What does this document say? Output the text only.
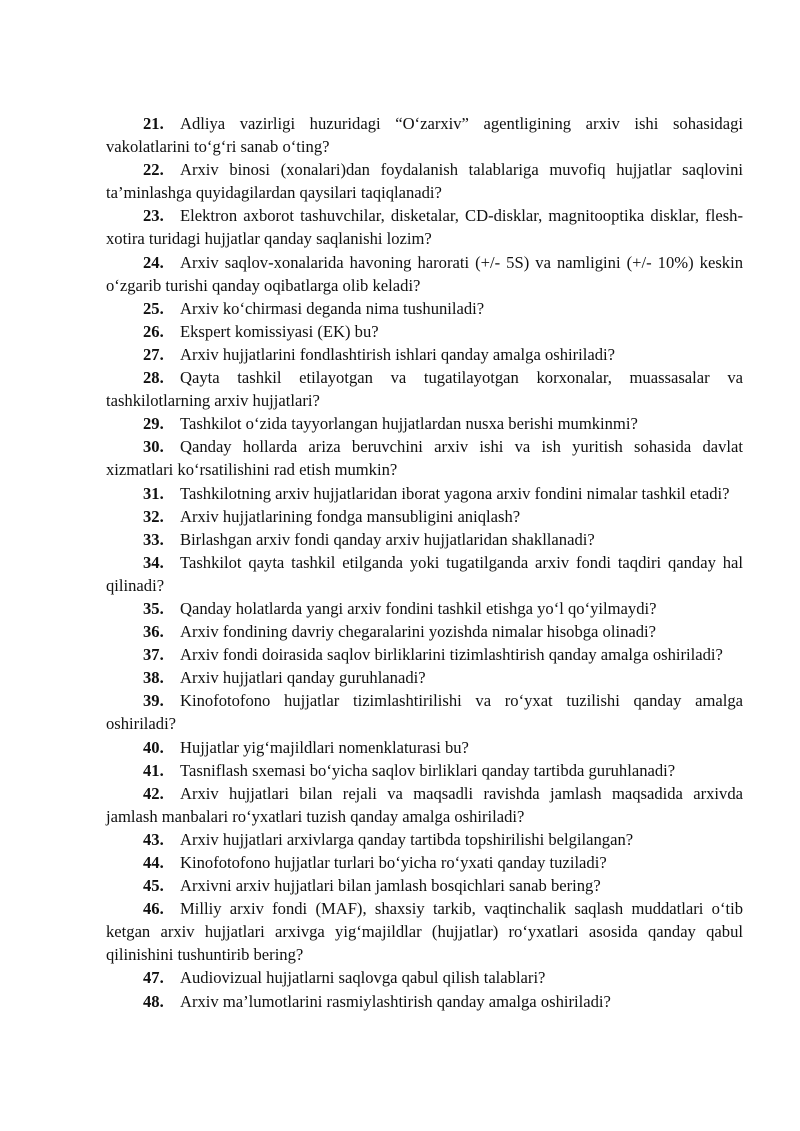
21. Adliya vazirligi huzuridagi “O‘zarxiv” agentligining arxiv ishi sohasidagi vakolatlarini to‘g‘ri sanab o‘ting?

22. Arxiv binosi (xonalari)dan foydalanish talablariga muvofiq hujjatlar saqlovini ta’minlashga quyidagilardan qaysilari taqiqlanadi?

23. Elektron axborot tashuvchilar, disketalar, CD-disklar, magnitooptika disklar, flesh-xotira turidagi hujjatlar qanday saqlanishi lozim?

24. Arxiv saqlov-xonalarida havoning harorati (+/- 5S) va namligini (+/- 10%) keskin o‘zgarib turishi qanday oqibatlarga olib keladi?

25. Arxiv ko‘chirmasi deganda nima tushuniladi?

26. Ekspert komissiyasi (EK) bu?

27. Arxiv hujjatlarini fondlashtirish ishlari qanday amalga oshiriladi?

28. Qayta tashkil etilayotgan va tugatilayotgan korxonalar, muassasalar va tashkilotlarning arxiv hujjatlari?

29. Tashkilot o‘zida tayyorlangan hujjatlardan nusxa berishi mumkinmi?

30. Qanday hollarda ariza beruvchini arxiv ishi va ish yuritish sohasida davlat xizmatlari ko‘rsatilishini rad etish mumkin?

31. Tashkilotning arxiv hujjatlaridan iborat yagona arxiv fondini nimalar tashkil etadi?

32. Arxiv hujjatlarining fondga mansubligini aniqlash?

33. Birlashgan arxiv fondi qanday arxiv hujjatlaridan shakllanadi?

34. Tashkilot qayta tashkil etilganda yoki tugatilganda arxiv fondi taqdiri qanday hal qilinadi?

35. Qanday holatlarda yangi arxiv fondini tashkil etishga yo‘l qo‘yilmaydi?

36. Arxiv fondining davriy chegaralarini yozishda nimalar hisobga olinadi?

37. Arxiv fondi doirasida saqlov birliklarini tizimlashtirish qanday amalga oshiriladi?

38. Arxiv hujjatlari qanday guruhlanadi?

39. Kinofotofono hujjatlar tizimlashtirilishi va ro‘yxat tuzilishi qanday amalga oshiriladi?

40. Hujjatlar yig‘majildlari nomenklaturasi bu?

41. Tasniflash sxemasi bo‘yicha saqlov birliklari qanday tartibda guruhlanadi?

42. Arxiv hujjatlari bilan rejali va maqsadli ravishda jamlash maqsadida arxivda jamlash manbalari ro‘yxatlari tuzish qanday amalga oshiriladi?

43. Arxiv hujjatlari arxivlarga qanday tartibda topshirilishi belgilangan?

44. Kinofotofono hujjatlar turlari bo‘yicha ro‘yxati qanday tuziladi?

45. Arxivni arxiv hujjatlari bilan jamlash bosqichlari sanab bering?

46. Milliy arxiv fondi (MAF), shaxsiy tarkib, vaqtinchalik saqlash muddatlari o‘tib ketgan arxiv hujjatlari arxivga yig‘majildlar (hujjatlar) ro‘yxatlari asosida qanday qabul qilinishini tushuntirib bering?

47. Audiovizual hujjatlarni saqlovga qabul qilish talablari?

48. Arxiv ma’lumotlarini rasmiylashtirish qanday amalga oshiriladi?
